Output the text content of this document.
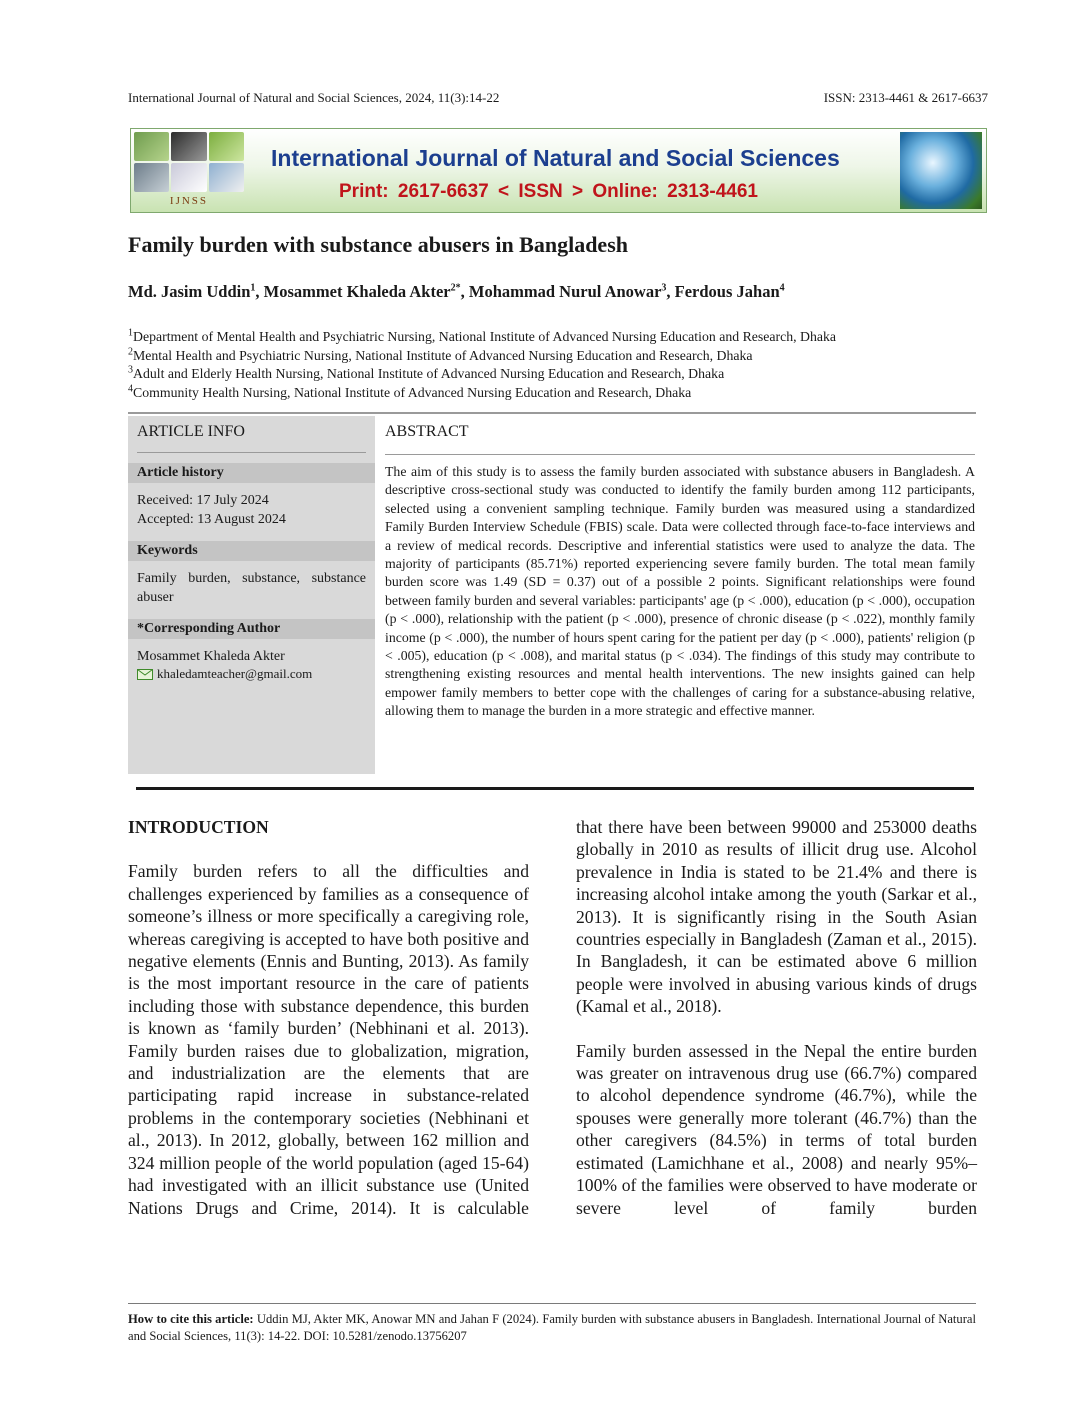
International Journal of Natural and Social Sciences, 2024, 11(3):14-22	ISSN: 2313-4461 & 2617-6637
IJNSS
International Journal of Natural and Social Sciences
Print: 2617-6637 < ISSN > Online: 2313-4461
Family burden with substance abusers in Bangladesh
Md. Jasim Uddin$^1$, Mosammet Khaleda Akter$^{2*}$, Mohammad Nurul Anowar$^3$, Ferdous Jahan$^4$
$^1$Department of Mental Health and Psychiatric Nursing, National Institute of Advanced Nursing Education and Research, Dhaka
$^2$Mental Health and Psychiatric Nursing, National Institute of Advanced Nursing Education and Research, Dhaka
$^3$Adult and Elderly Health Nursing, National Institute of Advanced Nursing Education and Research, Dhaka
$^4$Community Health Nursing, National Institute of Advanced Nursing Education and Research, Dhaka
ARTICLE INFO
Article history
Received: 17 July 2024
Accepted: 13 August 2024
Keywords
Family burden, substance, substance abuser
*Corresponding Author
Mosammet Khaleda Akter
khaledamteacher@gmail.com
ABSTRACT
The aim of this study is to assess the family burden associated with substance abusers in Bangladesh. A descriptive cross-sectional study was conducted to identify the family burden among 112 participants, selected using a convenient sampling technique. Family burden was measured using a standardized Family Burden Interview Schedule (FBIS) scale. Data were collected through face-to-face interviews and a review of medical records. Descriptive and inferential statistics were used to analyze the data. The majority of participants (85.71%) reported experiencing severe family burden. The total mean family burden score was 1.49 (SD = 0.37) out of a possible 2 points. Significant relationships were found between family burden and several variables: participants' age (p < .000), education (p < .000), occupation (p < .000), relationship with the patient (p < .000), presence of chronic disease (p < .022), monthly family income (p < .000), the number of hours spent caring for the patient per day (p < .000), patients' religion (p < .005), education (p < .008), and marital status (p < .034). The findings of this study may contribute to strengthening existing resources and mental health interventions. The new insights gained can help empower family members to better cope with the challenges of caring for a substance-abusing relative, allowing them to manage the burden in a more strategic and effective manner.
INTRODUCTION

Family burden refers to all the difficulties and challenges experienced by families as a consequence of someone’s illness or more specifically a caregiving role, whereas caregiving is accepted to have both positive and negative elements (Ennis and Bunting, 2013). As family is the most important resource in the care of patients including those with substance dependence, this burden is known as ‘family burden’ (Nebhinani et al. 2013). Family burden raises due to globalization, migration, and industrialization are the elements that are participating rapid increase in substance-related problems in the contemporary societies (Nebhinani et al., 2013). In 2012, globally, between 162 million and 324 million people of the world population (aged 15-64) had investigated with an illicit substance use (United Nations Drugs and Crime, 2014). It is calculable

that there have been between 99000 and 253000 deaths globally in 2010 as results of illicit drug use. Alcohol prevalence in India is stated to be 21.4% and there is increasing alcohol intake among the youth (Sarkar et al., 2013). It is significantly rising in the South Asian countries especially in Bangladesh (Zaman et al., 2015). In Bangladesh, it can be estimated above 6 million people were involved in abusing various kinds of drugs (Kamal et al., 2018).

Family burden assessed in the Nepal the entire burden was greater on intravenous drug use (66.7%) compared to alcohol dependence syndrome (46.7%), while the spouses were generally more tolerant (46.7%) than the other caregivers (84.5%) in terms of total burden estimated (Lamichhane et al., 2008) and nearly 95%–100% of the families were observed to have moderate or severe level of family burden

How to cite this article: Uddin MJ, Akter MK, Anowar MN and Jahan F (2024). Family burden with substance abusers in Bangladesh. International Journal of Natural and Social Sciences, 11(3): 14-22. DOI: 10.5281/zenodo.13756207
